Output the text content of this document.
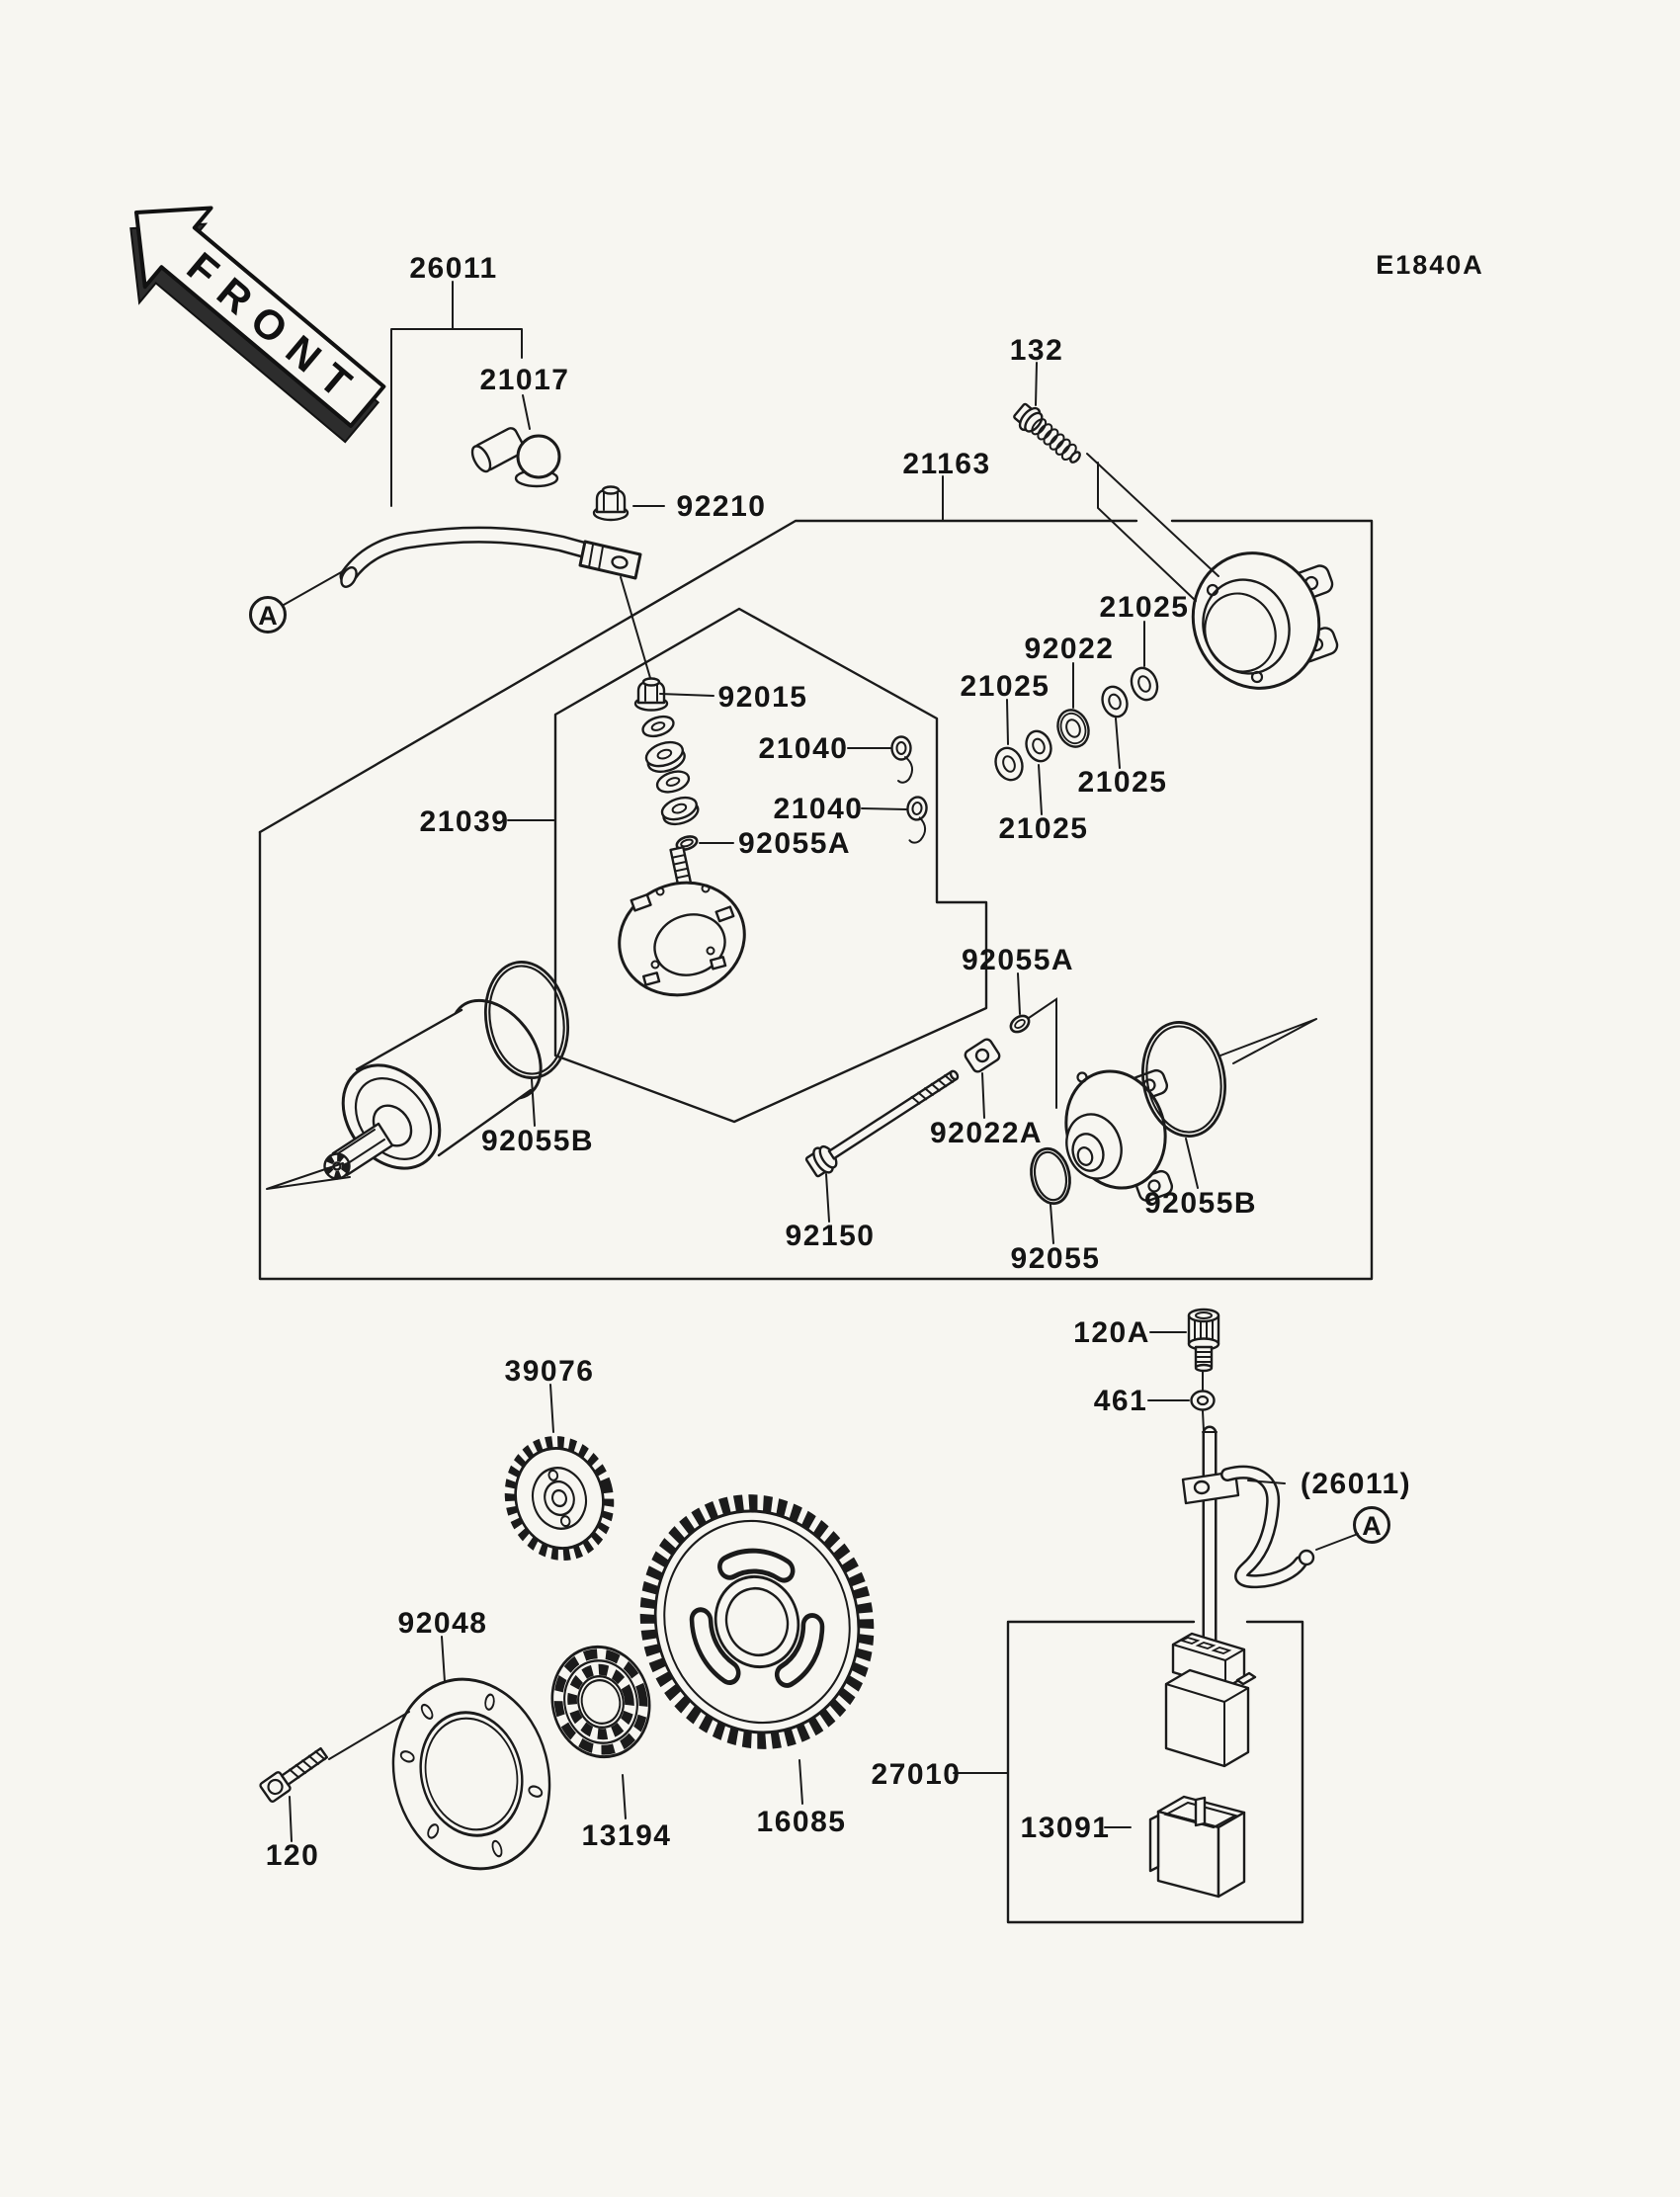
FRONT	E1840A
A
A
26011
21017
92210
21163
132
92015
21040
21040
92055A
21039
21025
92022
21025
21025
21025
92055B
92055A
92022A
92150
92055
92055B
39076
92048
120
13194	16085
120A
461
(26011)
27010
13091
